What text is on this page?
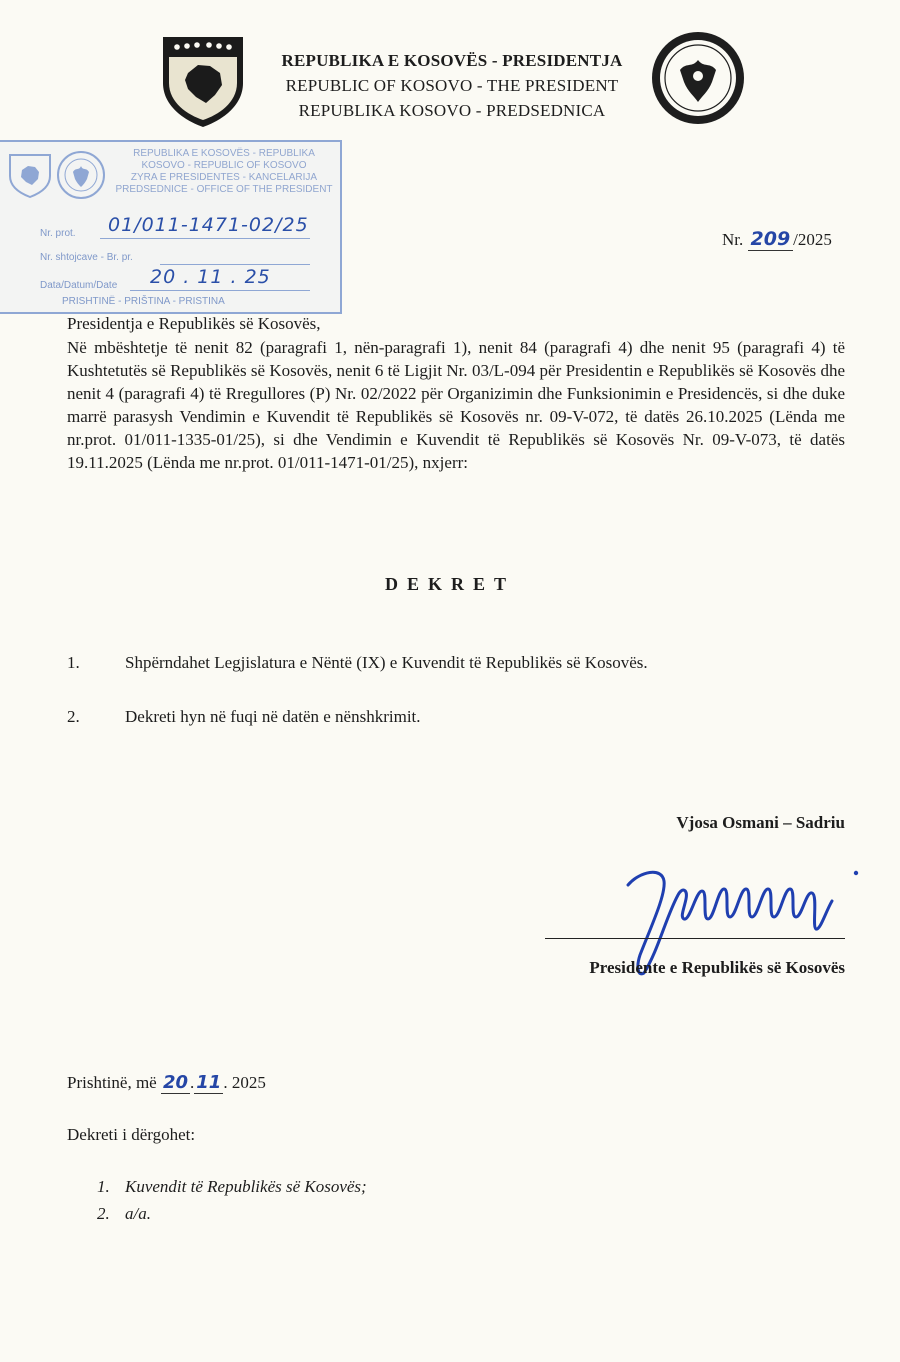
REPUBLIKA E KOSOVËS - PRESIDENTJA
REPUBLIC OF KOSOVO - THE PRESIDENT
REPUBLIKA KOSOVO - PREDSEDNICA
REPUBLIKA E KOSOVËS - REPUBLIKA
KOSOVO - REPUBLIC OF KOSOVO
ZYRA E PRESIDENTES - KANCELARIJA
PREDSEDNICE - OFFICE OF THE PRESIDENT
Nr. prot. 01/011-1471-02/25
Nr. shtojcave - Br. pr.
Data/Datum/Date 20 . 11 . 25
PRISHTINË - PRIŠTINA - PRISTINA
Nr. 209 /2025
Presidentja e Republikës së Kosovës,
Në mbështetje të nenit 82 (paragrafi 1, nën-paragrafi 1), nenit 84 (paragrafi 4) dhe nenit 95 (paragrafi 4) të Kushtetutës së Republikës së Kosovës, nenit 6 të Ligjit Nr. 03/L-094 për Presidentin e Republikës së Kosovës dhe nenit 4 (paragrafi 4) të Rregullores (P) Nr. 02/2022 për Organizimin dhe Funksionimin e Presidencës, si dhe duke marrë parasysh Vendimin e Kuvendit të Republikës së Kosovës nr. 09-V-072, të datës 26.10.2025 (Lënda me nr.prot. 01/011-1335-01/25), si dhe Vendimin e Kuvendit të Republikës së Kosovës Nr. 09-V-073, të datës 19.11.2025 (Lënda me nr.prot. 01/011-1471-01/25), nxjerr:
DEKRET
1.	Shpërndahet Legjislatura e Nëntë (IX) e Kuvendit të Republikës së Kosovës.
2.	Dekreti hyn në fuqi në datën e nënshkrimit.
Vjosa Osmani – Sadriu
Presidente e Republikës së Kosovës
Prishtinë, më 20 . 11 . 2025
Dekreti i dërgohet:
1. Kuvendit të Republikës së Kosovës;
2. a/a.
